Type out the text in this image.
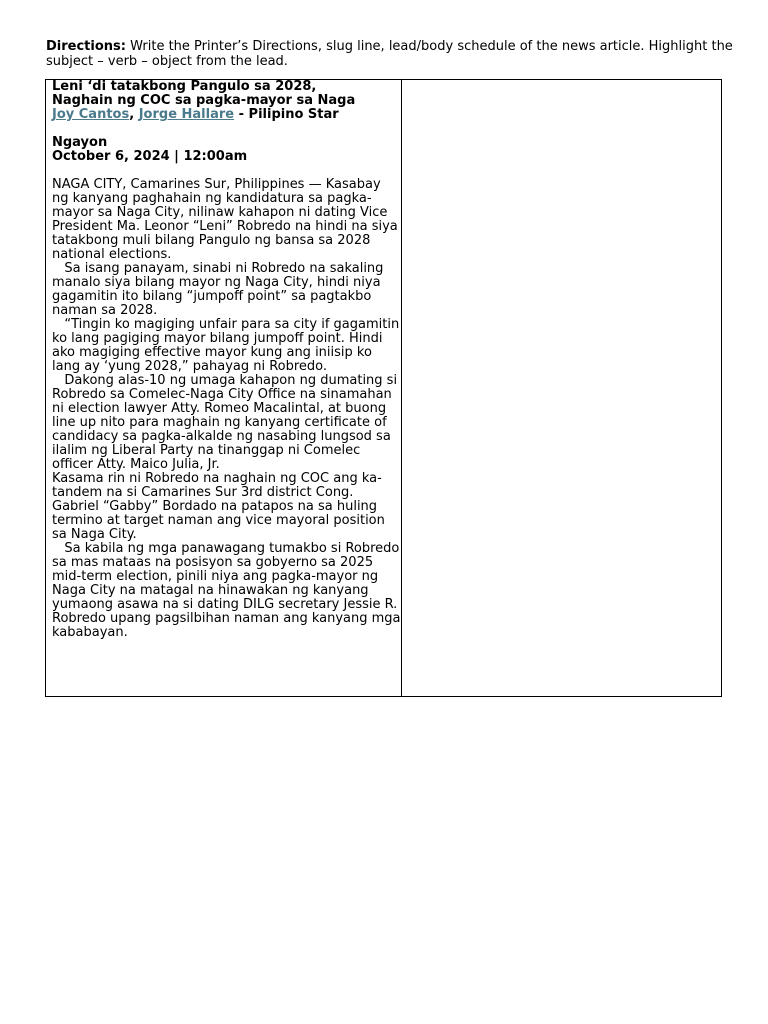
Directions: Write the Printer’s Directions, slug line, lead/body schedule of the news article. Highlight the subject – verb – object from the lead.

Leni ‘di tatakbong Pangulo sa 2028,

Naghain ng COC sa pagka-mayor sa Naga

Joy Cantos, Jorge Hallare - Pilipino Star

Ngayon

October 6, 2024 | 12:00am

NAGA CITY, Camarines Sur, Philippines — Kasabay ng kanyang paghahain ng kandidatura sa pagka-mayor sa Naga City, nilinaw kahapon ni dating Vice President Ma. Leonor “Leni” Robredo na hindi na siya tatakbong muli bilang Pangulo ng bansa sa 2028 national elections.

Sa isang panayam, sinabi ni Robredo na sakaling manalo siya bilang mayor ng Naga City, hindi niya gagamitin ito bilang “jumpoff point” sa pagtakbo naman sa 2028.

“Tingin ko magiging unfair para sa city if gagamitin ko lang pagiging mayor bilang jumpoff point. Hindi ako magiging effective mayor kung ang iniisip ko lang ay ‘yung 2028,” pahayag ni Robredo.

Dakong alas-10 ng umaga kahapon ng dumating si Robredo sa Comelec-Naga City Office na sinamahan ni election lawyer Atty. Romeo Macalintal, at buong line up nito para maghain ng kanyang certificate of candidacy sa pagka-alkalde ng nasabing lungsod sa ilalim ng Liberal Party na tinanggap ni Comelec officer Atty. Maico Julia, Jr.

Kasama rin ni Robredo na naghain ng COC ang ka-tandem na si Camarines Sur 3rd district Cong. Gabriel “Gabby” Bordado na patapos na sa huling termino at target naman ang vice mayoral position sa Naga City.

Sa kabila ng mga panawagang tumakbo si Robredo sa mas mataas na posisyon sa gobyerno sa 2025 mid-term election, pinili niya ang pagka-mayor ng Naga City na matagal na hinawakan ng kanyang yumaong asawa na si dating DILG secretary Jessie R. Robredo upang pagsilbihan naman ang kanyang mga kababayan.
